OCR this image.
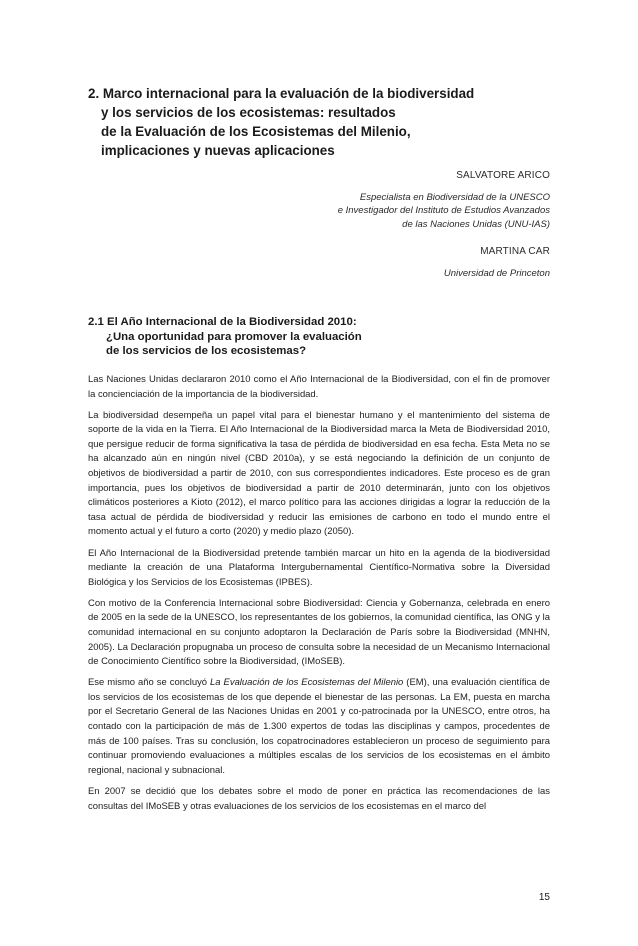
2. Marco internacional para la evaluación de la biodiversidad
y los servicios de los ecosistemas: resultados
de la Evaluación de los Ecosistemas del Milenio,
implicaciones y nuevas aplicaciones
SALVATORE ARICO
Especialista en Biodiversidad de la UNESCO
e Investigador del Instituto de Estudios Avanzados
de las Naciones Unidas (UNU-IAS)
MARTINA CAR
Universidad de Princeton
2.1 El Año Internacional de la Biodiversidad 2010:
¿Una oportunidad para promover la evaluación
de los servicios de los ecosistemas?

Las Naciones Unidas declararon 2010 como el Año Internacional de la Biodiversidad, con el fin de promover la concienciación de la importancia de la biodiversidad.

La biodiversidad desempeña un papel vital para el bienestar humano y el mantenimiento del sistema de soporte de la vida en la Tierra. El Año Internacional de la Biodiversidad marca la Meta de Biodiversidad 2010, que persigue reducir de forma significativa la tasa de pérdida de biodiversidad en esa fecha. Esta Meta no se ha alcanzado aún en ningún nivel (CBD 2010a), y se está negociando la definición de un conjunto de objetivos de biodiversidad a partir de 2010, con sus correspondientes indicadores. Este proceso es de gran importancia, pues los objetivos de biodiversidad a partir de 2010 determinarán, junto con los objetivos climáticos posteriores a Kioto (2012), el marco político para las acciones dirigidas a lograr la reducción de la tasa actual de pérdida de biodiversidad y reducir las emisiones de carbono en todo el mundo entre el momento actual y el futuro a corto (2020) y medio plazo (2050).

El Año Internacional de la Biodiversidad pretende también marcar un hito en la agenda de la biodiversidad mediante la creación de una Plataforma Intergubernamental Científico-Normativa sobre la Diversidad Biológica y los Servicios de los Ecosistemas (IPBES).

Con motivo de la Conferencia Internacional sobre Biodiversidad: Ciencia y Gobernanza, celebrada en enero de 2005 en la sede de la UNESCO, los representantes de los gobiernos, la comunidad científica, las ONG y la comunidad internacional en su conjunto adoptaron la Declaración de París sobre la Biodiversidad (MNHN, 2005). La Declaración propugnaba un proceso de consulta sobre la necesidad de un Mecanismo Internacional de Conocimiento Científico sobre la Biodiversidad, (IMoSEB).

Ese mismo año se concluyó La Evaluación de los Ecosistemas del Milenio (EM), una evaluación científica de los servicios de los ecosistemas de los que depende el bienestar de las personas. La EM, puesta en marcha por el Secretario General de las Naciones Unidas en 2001 y co-patrocinada por la UNESCO, entre otros, ha contado con la participación de más de 1.300 expertos de todas las disciplinas y campos, procedentes de más de 100 países. Tras su conclusión, los copatrocinadores establecieron un proceso de seguimiento para continuar promoviendo evaluaciones a múltiples escalas de los servicios de los ecosistemas en el ámbito regional, nacional y subnacional.

En 2007 se decidió que los debates sobre el modo de poner en práctica las recomendaciones de las consultas del IMoSEB y otras evaluaciones de los servicios de los ecosistemas en el marco del

15
